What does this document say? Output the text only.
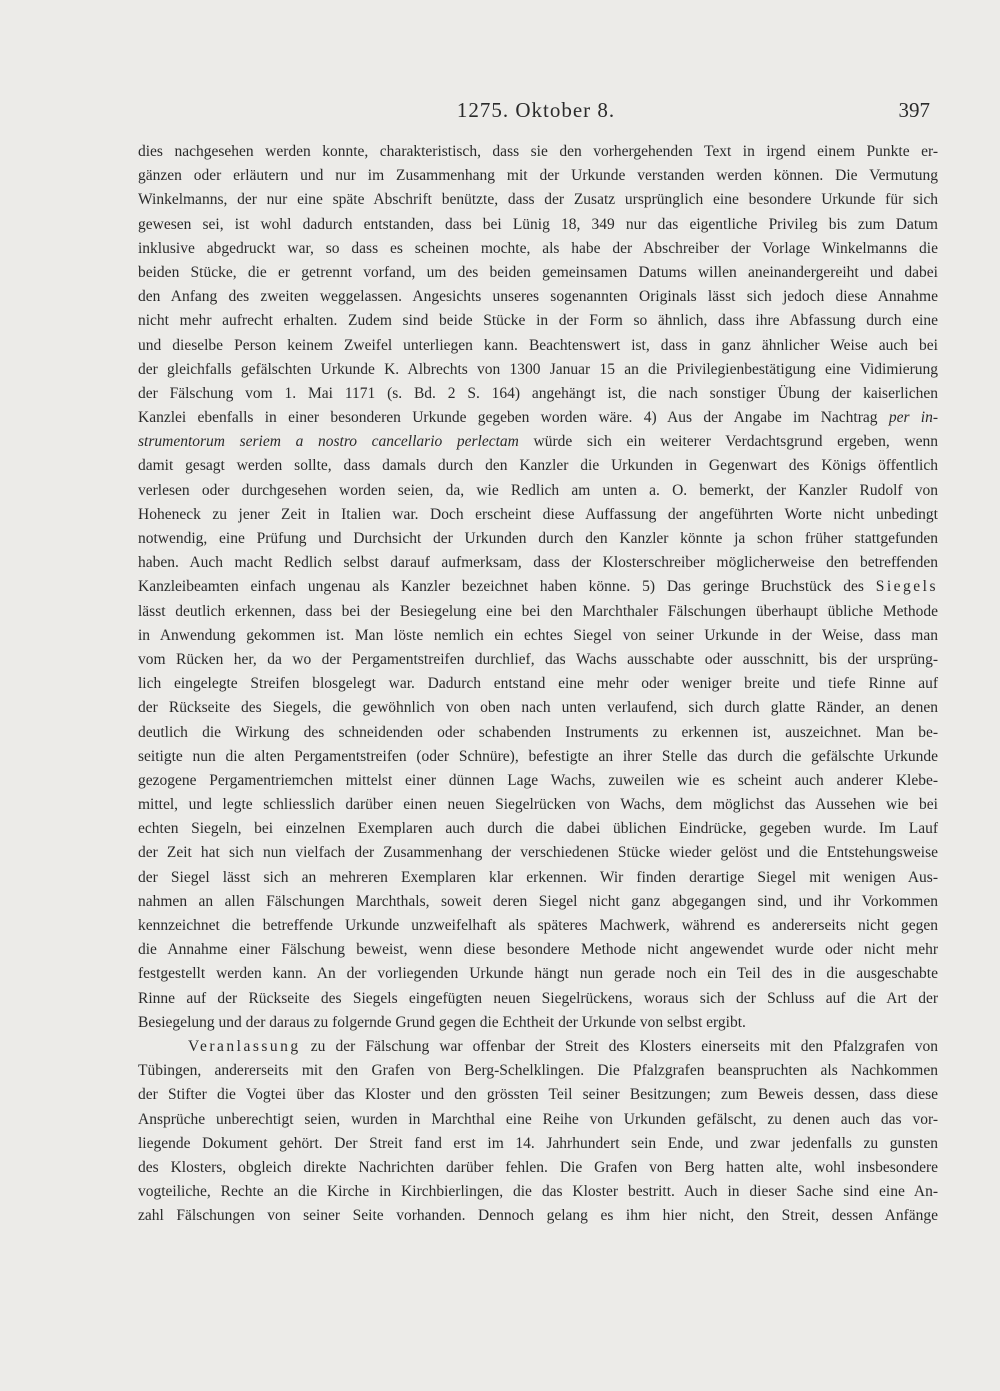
1275. Oktober 8.	397
dies nachgesehen werden konnte, charakteristisch, dass sie den vorhergehenden Text in irgend einem Punkte er-
gänzen oder erläutern und nur im Zusammenhang mit der Urkunde verstanden werden können. Die Vermutung
Winkelmanns, der nur eine späte Abschrift benützte, dass der Zusatz ursprünglich eine besondere Urkunde für sich
gewesen sei, ist wohl dadurch entstanden, dass bei Lünig 18, 349 nur das eigentliche Privileg bis zum Datum
inklusive abgedruckt war, so dass es scheinen mochte, als habe der Abschreiber der Vorlage Winkelmanns die
beiden Stücke, die er getrennt vorfand, um des beiden gemeinsamen Datums willen aneinandergereiht und dabei
den Anfang des zweiten weggelassen. Angesichts unseres sogenannten Originals lässt sich jedoch diese Annahme
nicht mehr aufrecht erhalten. Zudem sind beide Stücke in der Form so ähnlich, dass ihre Abfassung durch eine
und dieselbe Person keinem Zweifel unterliegen kann. Beachtenswert ist, dass in ganz ähnlicher Weise auch bei
der gleichfalls gefälschten Urkunde K. Albrechts von 1300 Januar 15 an die Privilegienbestätigung eine Vidimierung
der Fälschung vom 1. Mai 1171 (s. Bd. 2 S. 164) angehängt ist, die nach sonstiger Übung der kaiserlichen
Kanzlei ebenfalls in einer besonderen Urkunde gegeben worden wäre. 4) Aus der Angabe im Nachtrag per in-
strumentorum seriem a nostro cancellario perlectam würde sich ein weiterer Verdachtsgrund ergeben, wenn
damit gesagt werden sollte, dass damals durch den Kanzler die Urkunden in Gegenwart des Königs öffentlich
verlesen oder durchgesehen worden seien, da, wie Redlich am unten a. O. bemerkt, der Kanzler Rudolf von
Hoheneck zu jener Zeit in Italien war. Doch erscheint diese Auffassung der angeführten Worte nicht unbedingt
notwendig, eine Prüfung und Durchsicht der Urkunden durch den Kanzler könnte ja schon früher stattgefunden
haben. Auch macht Redlich selbst darauf aufmerksam, dass der Klosterschreiber möglicherweise den betreffenden
Kanzleibeamten einfach ungenau als Kanzler bezeichnet haben könne. 5) Das geringe Bruchstück des Siegels
lässt deutlich erkennen, dass bei der Besiegelung eine bei den Marchthaler Fälschungen überhaupt übliche Methode
in Anwendung gekommen ist. Man löste nemlich ein echtes Siegel von seiner Urkunde in der Weise, dass man
vom Rücken her, da wo der Pergamentstreifen durchlief, das Wachs ausschabte oder ausschnitt, bis der ursprüng-
lich eingelegte Streifen blosgelegt war. Dadurch entstand eine mehr oder weniger breite und tiefe Rinne auf
der Rückseite des Siegels, die gewöhnlich von oben nach unten verlaufend, sich durch glatte Ränder, an denen
deutlich die Wirkung des schneidenden oder schabenden Instruments zu erkennen ist, auszeichnet. Man be-
seitigte nun die alten Pergamentstreifen (oder Schnüre), befestigte an ihrer Stelle das durch die gefälschte Urkunde
gezogene Pergamentriemchen mittelst einer dünnen Lage Wachs, zuweilen wie es scheint auch anderer Klebe-
mittel, und legte schliesslich darüber einen neuen Siegelrücken von Wachs, dem möglichst das Aussehen wie bei
echten Siegeln, bei einzelnen Exemplaren auch durch die dabei üblichen Eindrücke, gegeben wurde. Im Lauf
der Zeit hat sich nun vielfach der Zusammenhang der verschiedenen Stücke wieder gelöst und die Entstehungsweise
der Siegel lässt sich an mehreren Exemplaren klar erkennen. Wir finden derartige Siegel mit wenigen Aus-
nahmen an allen Fälschungen Marchthals, soweit deren Siegel nicht ganz abgegangen sind, und ihr Vorkommen
kennzeichnet die betreffende Urkunde unzweifelhaft als späteres Machwerk, während es andererseits nicht gegen
die Annahme einer Fälschung beweist, wenn diese besondere Methode nicht angewendet wurde oder nicht mehr
festgestellt werden kann. An der vorliegenden Urkunde hängt nun gerade noch ein Teil des in die ausgeschabte
Rinne auf der Rückseite des Siegels eingefügten neuen Siegelrückens, woraus sich der Schluss auf die Art der
Besiegelung und der daraus zu folgernde Grund gegen die Echtheit der Urkunde von selbst ergibt.
Veranlassung zu der Fälschung war offenbar der Streit des Klosters einerseits mit den Pfalzgrafen von
Tübingen, andererseits mit den Grafen von Berg-Schelklingen. Die Pfalzgrafen beanspruchten als Nachkommen
der Stifter die Vogtei über das Kloster und den grössten Teil seiner Besitzungen; zum Beweis dessen, dass diese
Ansprüche unberechtigt seien, wurden in Marchthal eine Reihe von Urkunden gefälscht, zu denen auch das vor-
liegende Dokument gehört. Der Streit fand erst im 14. Jahrhundert sein Ende, und zwar jedenfalls zu gunsten
des Klosters, obgleich direkte Nachrichten darüber fehlen. Die Grafen von Berg hatten alte, wohl insbesondere
vogteiliche, Rechte an die Kirche in Kirchbierlingen, die das Kloster bestritt. Auch in dieser Sache sind eine An-
zahl Fälschungen von seiner Seite vorhanden. Dennoch gelang es ihm hier nicht, den Streit, dessen Anfänge
